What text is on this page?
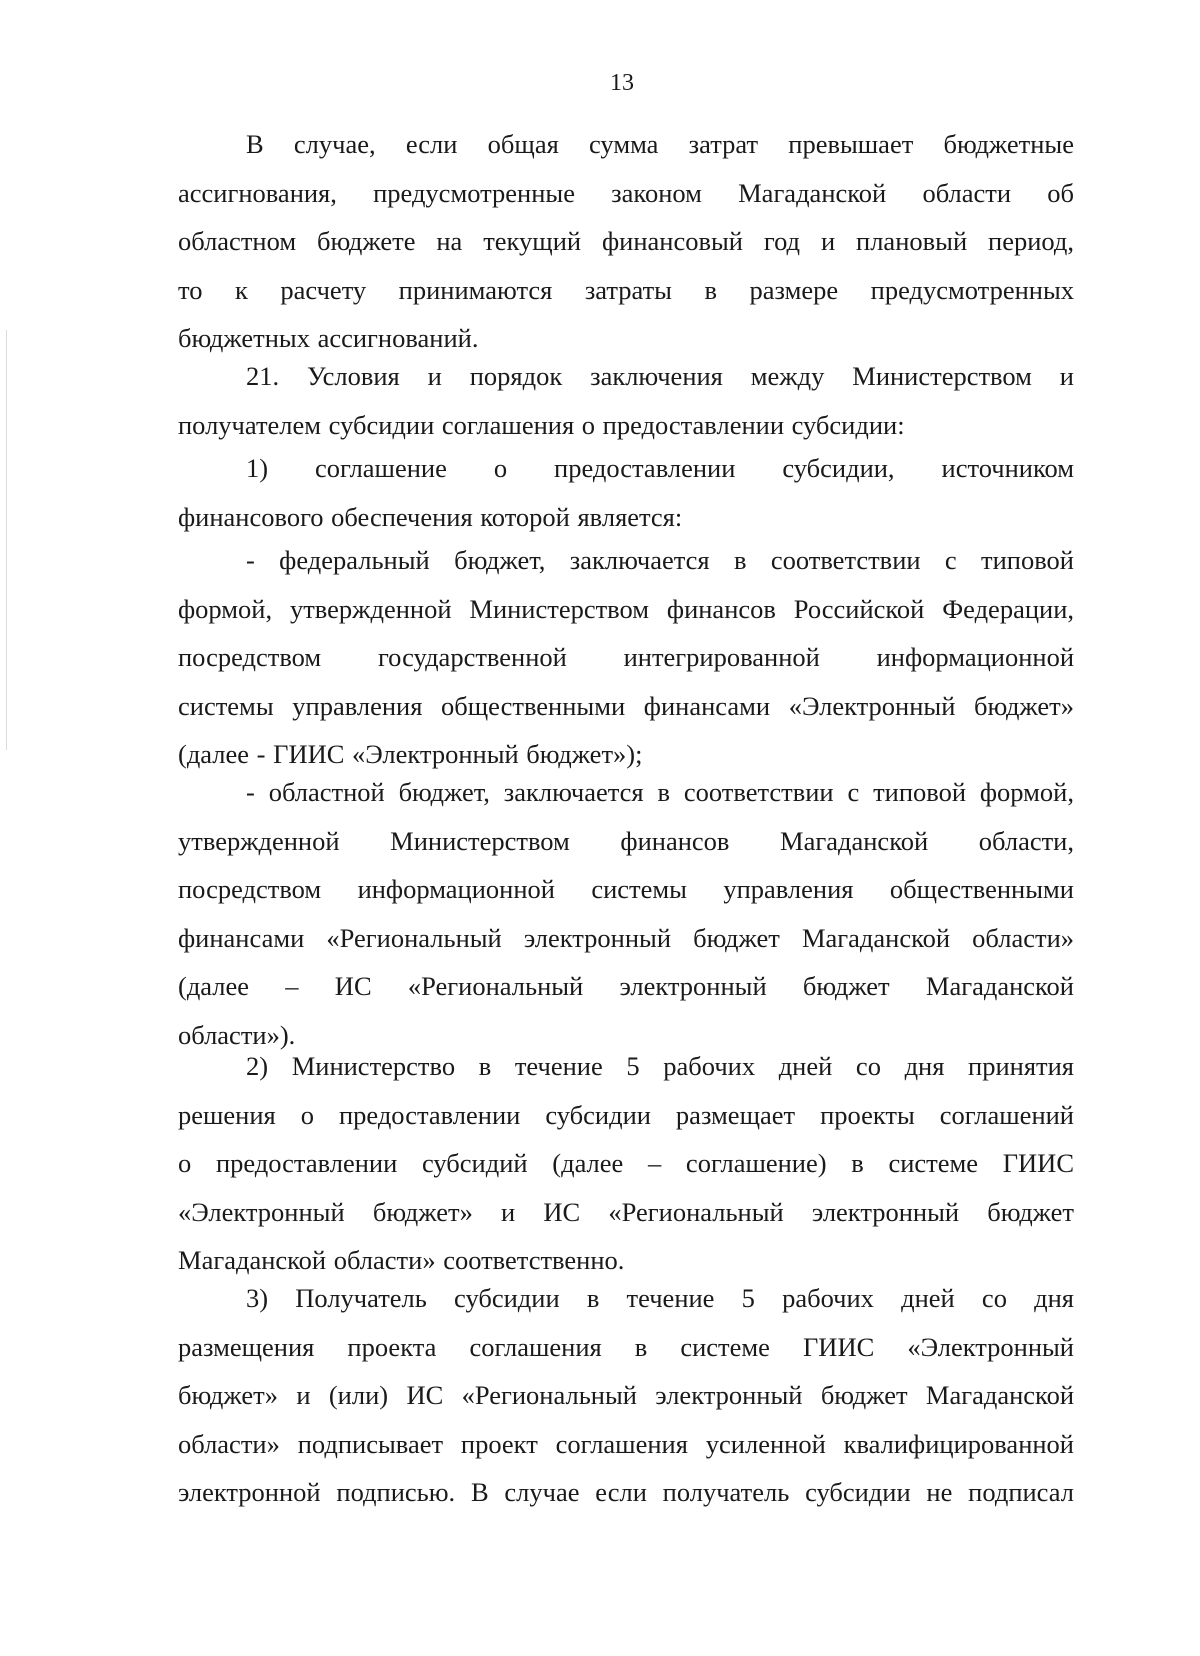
13
В случае, если общая сумма затрат превышает бюджетные
ассигнования, предусмотренные законом Магаданской области об
областном бюджете на текущий финансовый год и плановый период,
то к расчету принимаются затраты в размере предусмотренных
бюджетных ассигнований.
21. Условия и порядок заключения между Министерством и
получателем субсидии соглашения о предоставлении субсидии:
1) соглашение о предоставлении субсидии, источником
финансового обеспечения которой является:
- федеральный бюджет, заключается в соответствии с типовой
формой, утвержденной Министерством финансов Российской Федерации,
посредством государственной интегрированной информационной
системы управления общественными финансами «Электронный бюджет»
(далее - ГИИС «Электронный бюджет»);
- областной бюджет, заключается в соответствии с типовой формой,
утвержденной Министерством финансов Магаданской области,
посредством информационной системы управления общественными
финансами «Региональный электронный бюджет Магаданской области»
(далее – ИС «Региональный электронный бюджет Магаданской
области»).
2) Министерство в течение 5 рабочих дней со дня принятия
решения о предоставлении субсидии размещает проекты соглашений
о предоставлении субсидий (далее – соглашение) в системе ГИИС
«Электронный бюджет» и ИС «Региональный электронный бюджет
Магаданской области» соответственно.
3) Получатель субсидии в течение 5 рабочих дней со дня
размещения проекта соглашения в системе ГИИС «Электронный
бюджет» и (или) ИС «Региональный электронный бюджет Магаданской
области» подписывает проект соглашения усиленной квалифицированной
электронной подписью. В случае если получатель субсидии не подписал
